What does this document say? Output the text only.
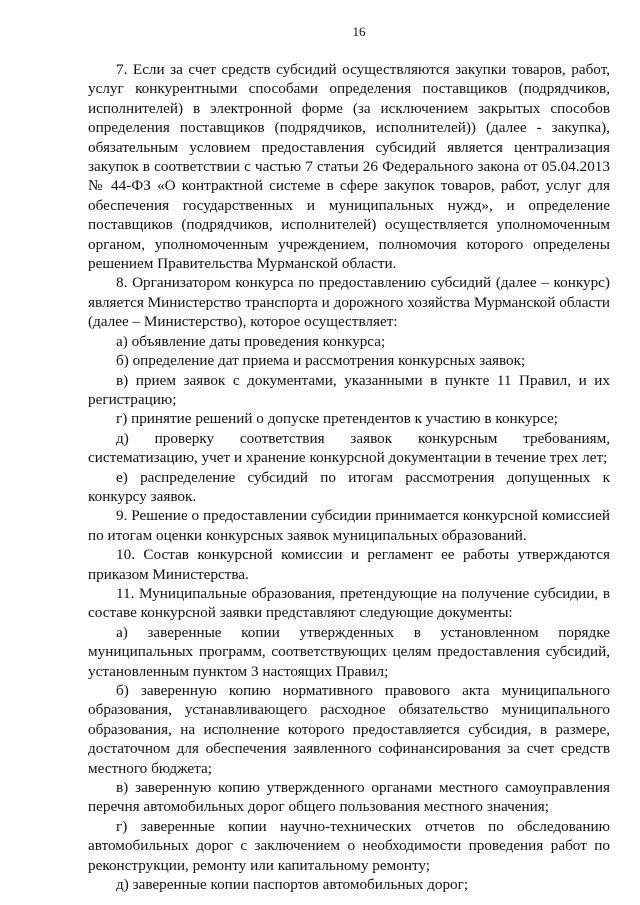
16

7. Если за счет средств субсидий осуществляются закупки товаров, работ, услуг конкурентными способами определения поставщиков (подрядчиков, исполнителей) в электронной форме (за исключением закрытых способов определения поставщиков (подрядчиков, исполнителей)) (далее - закупка), обязательным условием предоставления субсидий является централизация закупок в соответствии с частью 7 статьи 26 Федерального закона от 05.04.2013 № 44-ФЗ «О контрактной системе в сфере закупок товаров, работ, услуг для обеспечения государственных и муниципальных нужд», и определение поставщиков (подрядчиков, исполнителей) осуществляется уполномоченным органом, уполномоченным учреждением, полномочия которого определены решением Правительства Мурманской области.

8. Организатором конкурса по предоставлению субсидий (далее – конкурс) является Министерство транспорта и дорожного хозяйства Мурманской области (далее – Министерство), которое осуществляет:

а) объявление даты проведения конкурса;

б) определение дат приема и рассмотрения конкурсных заявок;

в) прием заявок с документами, указанными в пункте 11 Правил, и их регистрацию;

г) принятие решений о допуске претендентов к участию в конкурсе;

д) проверку соответствия заявок конкурсным требованиям, систематизацию, учет и хранение конкурсной документации в течение трех лет;

е) распределение субсидий по итогам рассмотрения допущенных к конкурсу заявок.

9. Решение о предоставлении субсидии принимается конкурсной комиссией по итогам оценки конкурсных заявок муниципальных образований.

10. Состав конкурсной комиссии и регламент ее работы утверждаются приказом Министерства.

11. Муниципальные образования, претендующие на получение субсидии, в составе конкурсной заявки представляют следующие документы:

а) заверенные копии утвержденных в установленном порядке муниципальных программ, соответствующих целям предоставления субсидий, установленным пунктом 3 настоящих Правил;

б) заверенную копию нормативного правового акта муниципального образования, устанавливающего расходное обязательство муниципального образования, на исполнение которого предоставляется субсидия, в размере, достаточном для обеспечения заявленного софинансирования за счет средств местного бюджета;

в) заверенную копию утвержденного органами местного самоуправления перечня автомобильных дорог общего пользования местного значения;

г) заверенные копии научно-технических отчетов по обследованию автомобильных дорог с заключением о необходимости проведения работ по реконструкции, ремонту или капитальному ремонту;

д) заверенные копии паспортов автомобильных дорог;
